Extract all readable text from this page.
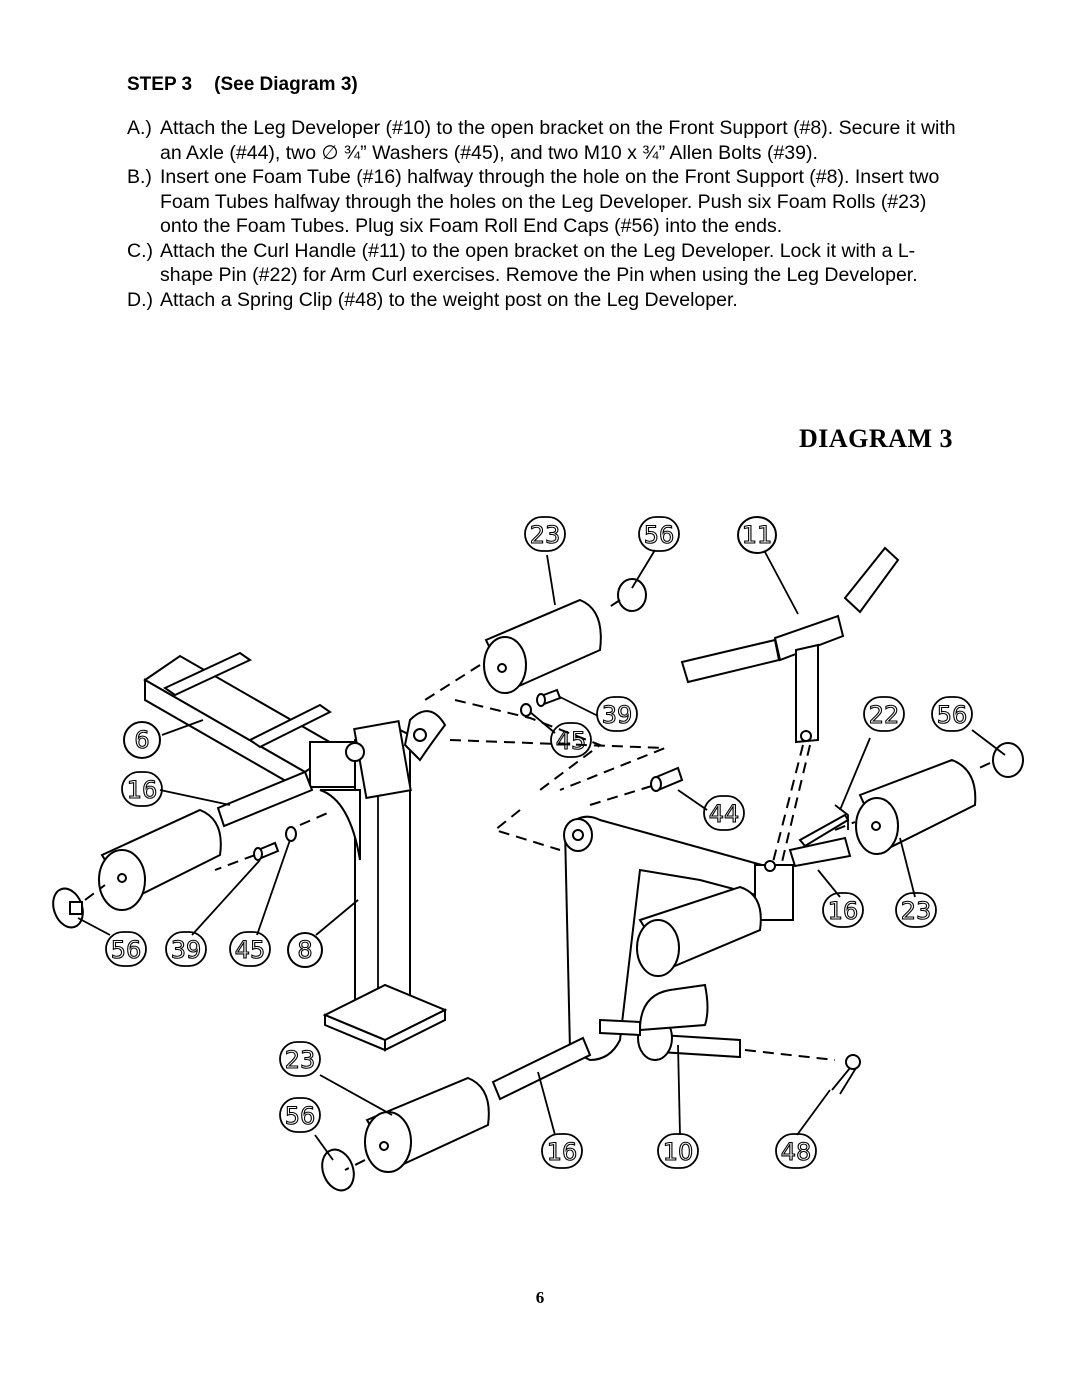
STEP 3 (See Diagram 3)

A.) Attach the Leg Developer (#10) to the open bracket on the Front Support (#8). Secure it with an Axle (#44), two ∅ ¾” Washers (#45), and two M10 x ¾” Allen Bolts (#39).

B.) Insert one Foam Tube (#16) halfway through the hole on the Front Support (#8). Insert two Foam Tubes halfway through the holes on the Leg Developer. Push six Foam Rolls (#23) onto the Foam Tubes. Plug six Foam Roll End Caps (#56) into the ends.

C.) Attach the Curl Handle (#11) to the open bracket on the Leg Developer. Lock it with a L-shape Pin (#22) for Arm Curl exercises. Remove the Pin when using the Leg Developer.

D.) Attach a Spring Clip (#48) to the weight post on the Leg Developer.

DIAGRAM 3
23	56	11
6
39
45
22 56
16
44
16 23
56 39 45 8
23
56
16	10	48
6
